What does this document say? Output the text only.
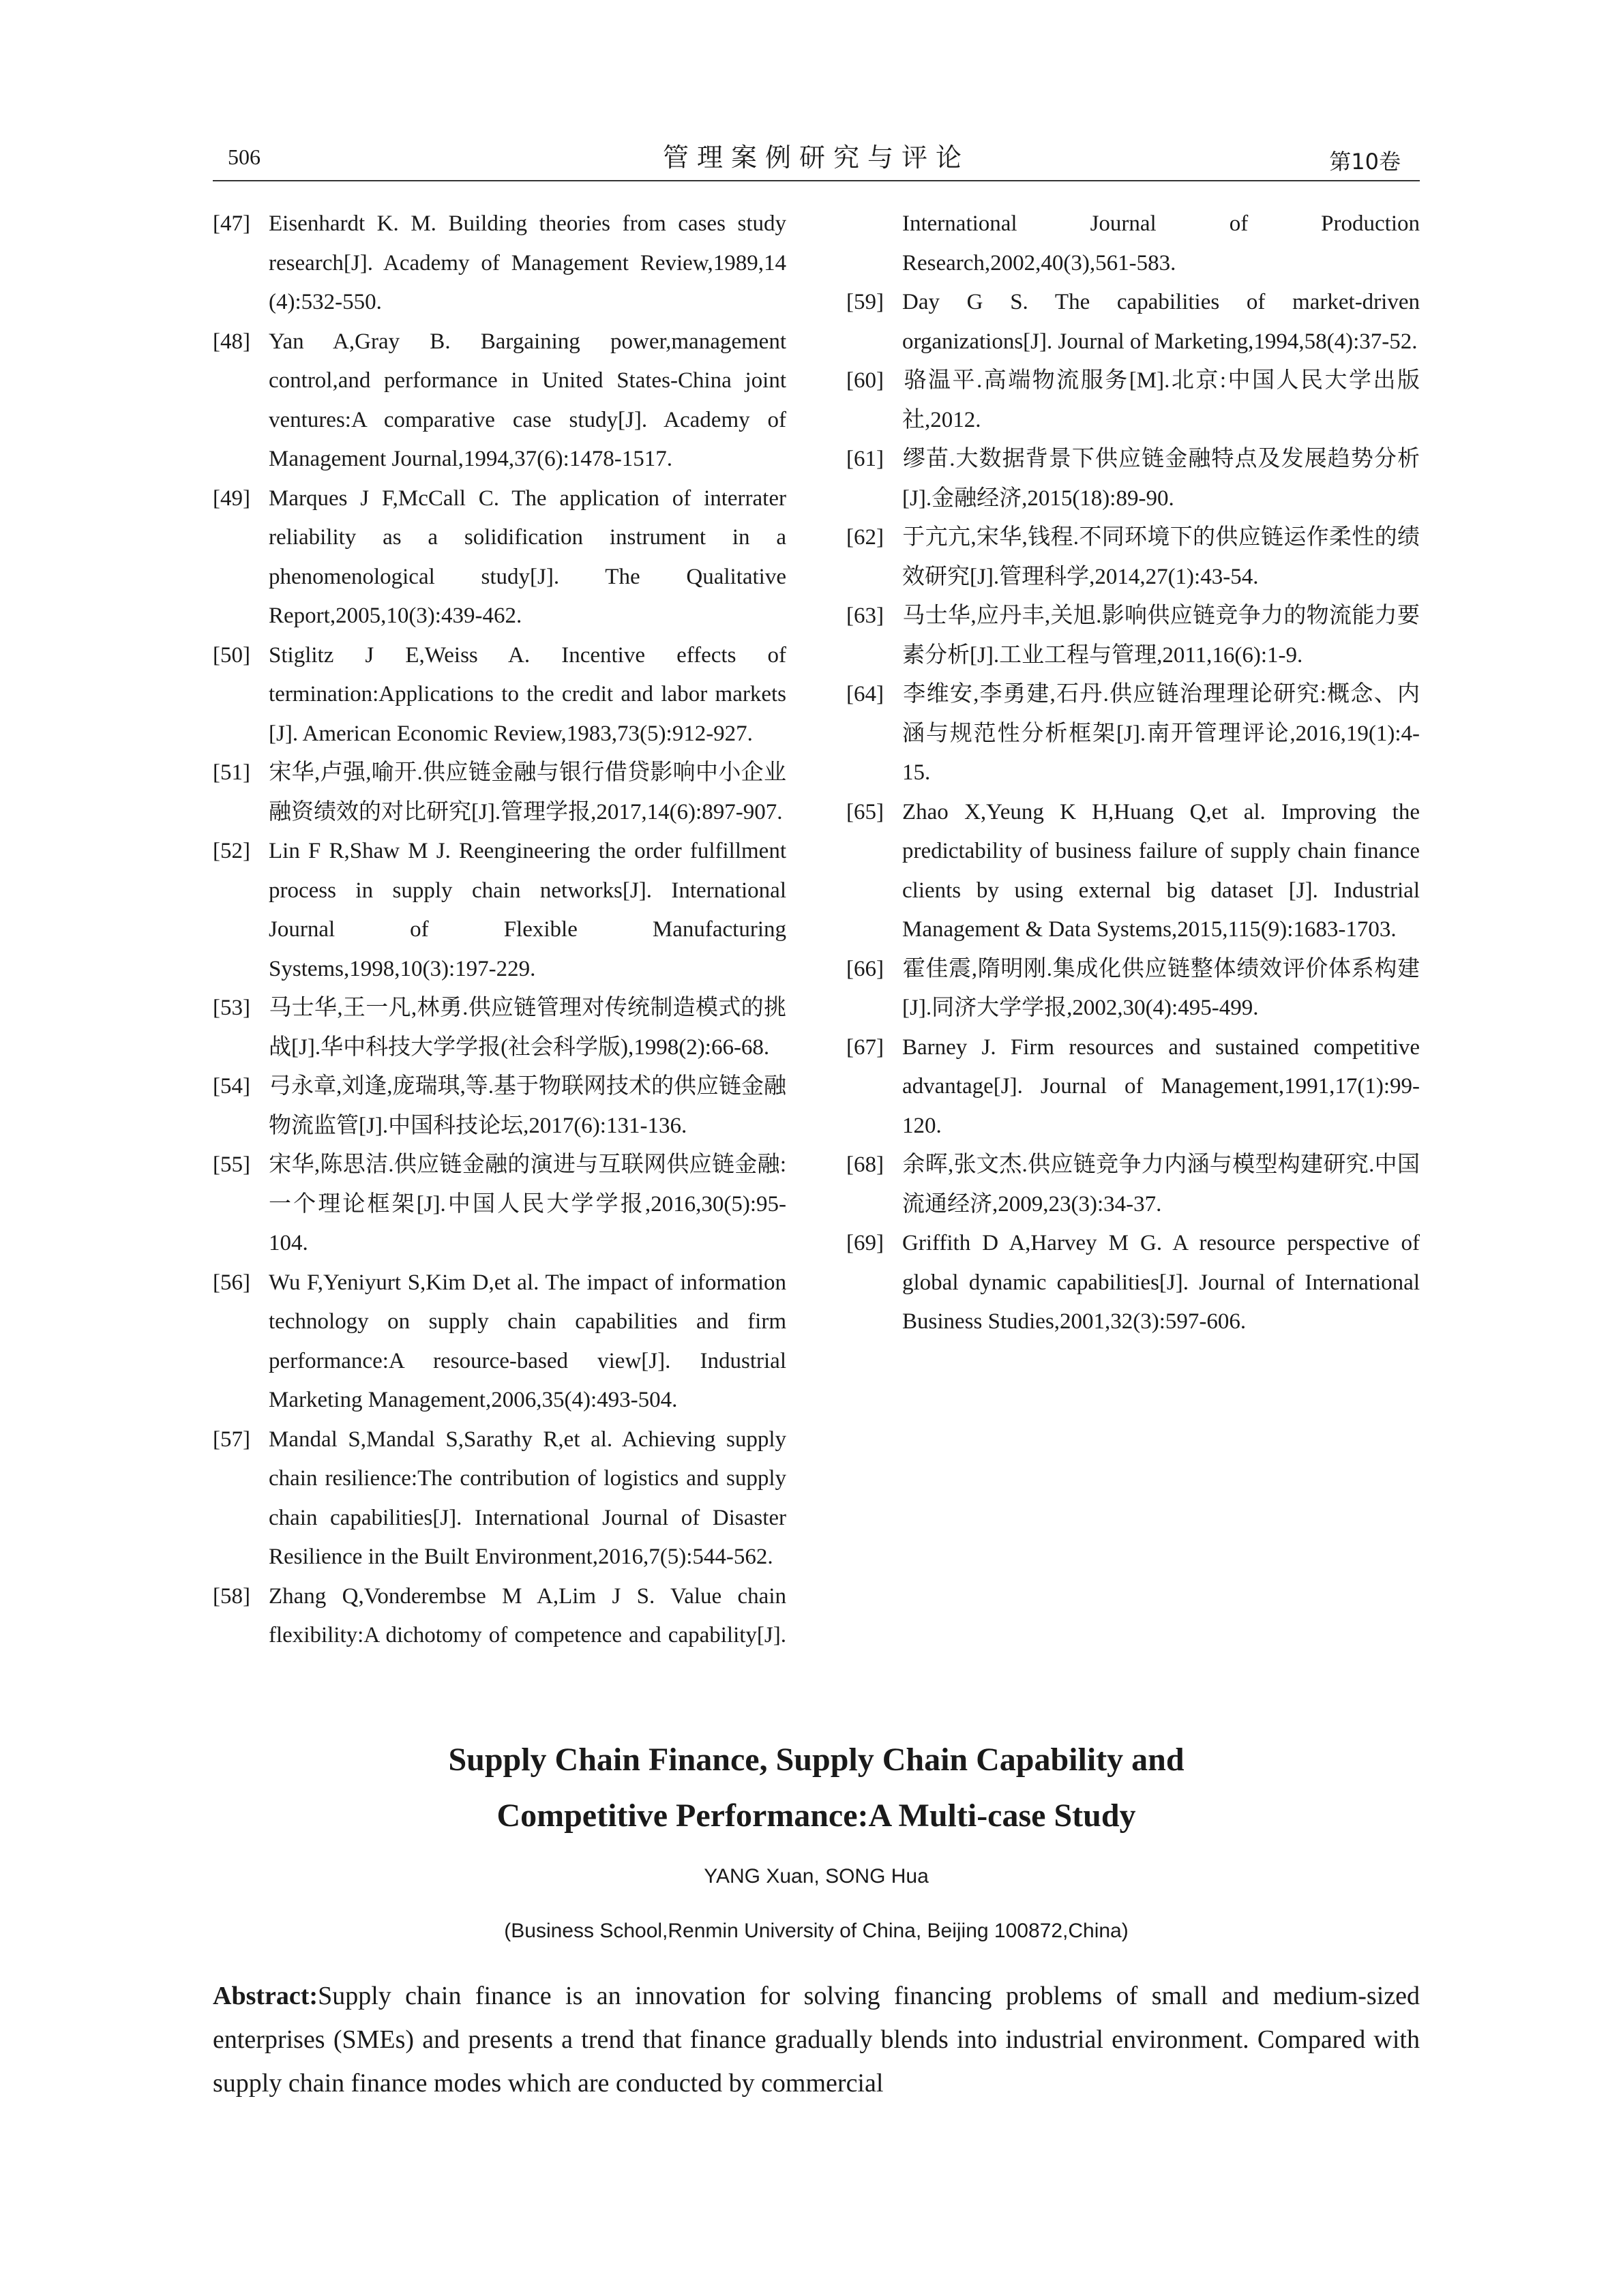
506	管理案例研究与评论	第10卷

[47] Eisenhardt K. M. Building theories from cases study research[J]. Academy of Management Review,1989,14 (4):532-550.

[48] Yan A,Gray B. Bargaining power,management control,and performance in United States-China joint ventures:A comparative case study[J]. Academy of Management Journal,1994,37(6):1478-1517.

[49] Marques J F,McCall C. The application of interrater reliability as a solidification instrument in a phenomenological study[J]. The Qualitative Report,2005,10(3):439-462.

[50] Stiglitz J E,Weiss A. Incentive effects of termination:Applications to the credit and labor markets [J]. American Economic Review,1983,73(5):912-927.

[51] 宋华,卢强,喻开.供应链金融与银行借贷影响中小企业融资绩效的对比研究[J].管理学报,2017,14(6):897-907.

[52] Lin F R,Shaw M J. Reengineering the order fulfillment process in supply chain networks[J]. International Journal of Flexible Manufacturing Systems,1998,10(3):197-229.

[53] 马士华,王一凡,林勇.供应链管理对传统制造模式的挑战[J].华中科技大学学报(社会科学版),1998(2):66-68.

[54] 弓永章,刘逢,庞瑞琪,等.基于物联网技术的供应链金融物流监管[J].中国科技论坛,2017(6):131-136.

[55] 宋华,陈思洁.供应链金融的演进与互联网供应链金融:一个理论框架[J].中国人民大学学报,2016,30(5):95-104.

[56] Wu F,Yeniyurt S,Kim D,et al. The impact of information technology on supply chain capabilities and firm performance:A resource-based view[J]. Industrial Marketing Management,2006,35(4):493-504.

[57] Mandal S,Mandal S,Sarathy R,et al. Achieving supply chain resilience:The contribution of logistics and supply chain capabilities[J]. International Journal of Disaster Resilience in the Built Environment,2016,7(5):544-562.

[58] Zhang Q,Vonderembse M A,Lim J S. Value chain flexibility:A dichotomy of competence and capability[J]. International Journal of Production Research,2002,40(3),561-583.

[59] Day G S. The capabilities of market-driven organizations[J]. Journal of Marketing,1994,58(4):37-52.

[60] 骆温平.高端物流服务[M].北京:中国人民大学出版社,2012.

[61] 缪苗.大数据背景下供应链金融特点及发展趋势分析[J].金融经济,2015(18):89-90.

[62] 于亢亢,宋华,钱程.不同环境下的供应链运作柔性的绩效研究[J].管理科学,2014,27(1):43-54.

[63] 马士华,应丹丰,关旭.影响供应链竞争力的物流能力要素分析[J].工业工程与管理,2011,16(6):1-9.

[64] 李维安,李勇建,石丹.供应链治理理论研究:概念、内涵与规范性分析框架[J].南开管理评论,2016,19(1):4-15.

[65] Zhao X,Yeung K H,Huang Q,et al. Improving the predictability of business failure of supply chain finance clients by using external big dataset [J]. Industrial Management & Data Systems,2015,115(9):1683-1703.

[66] 霍佳震,隋明刚.集成化供应链整体绩效评价体系构建[J].同济大学学报,2002,30(4):495-499.

[67] Barney J. Firm resources and sustained competitive advantage[J]. Journal of Management,1991,17(1):99-120.

[68] 余晖,张文杰.供应链竞争力内涵与模型构建研究.中国流通经济,2009,23(3):34-37.

[69] Griffith D A,Harvey M G. A resource perspective of global dynamic capabilities[J]. Journal of International Business Studies,2001,32(3):597-606.

Supply Chain Finance, Supply Chain Capability and
Competitive Performance:A Multi-case Study
YANG Xuan, SONG Hua
(Business School,Renmin University of China, Beijing 100872,China)
Abstract:Supply chain finance is an innovation for solving financing problems of small and medium-sized enterprises (SMEs) and presents a trend that finance gradually blends into industrial environment. Compared with supply chain finance modes which are conducted by commercial
